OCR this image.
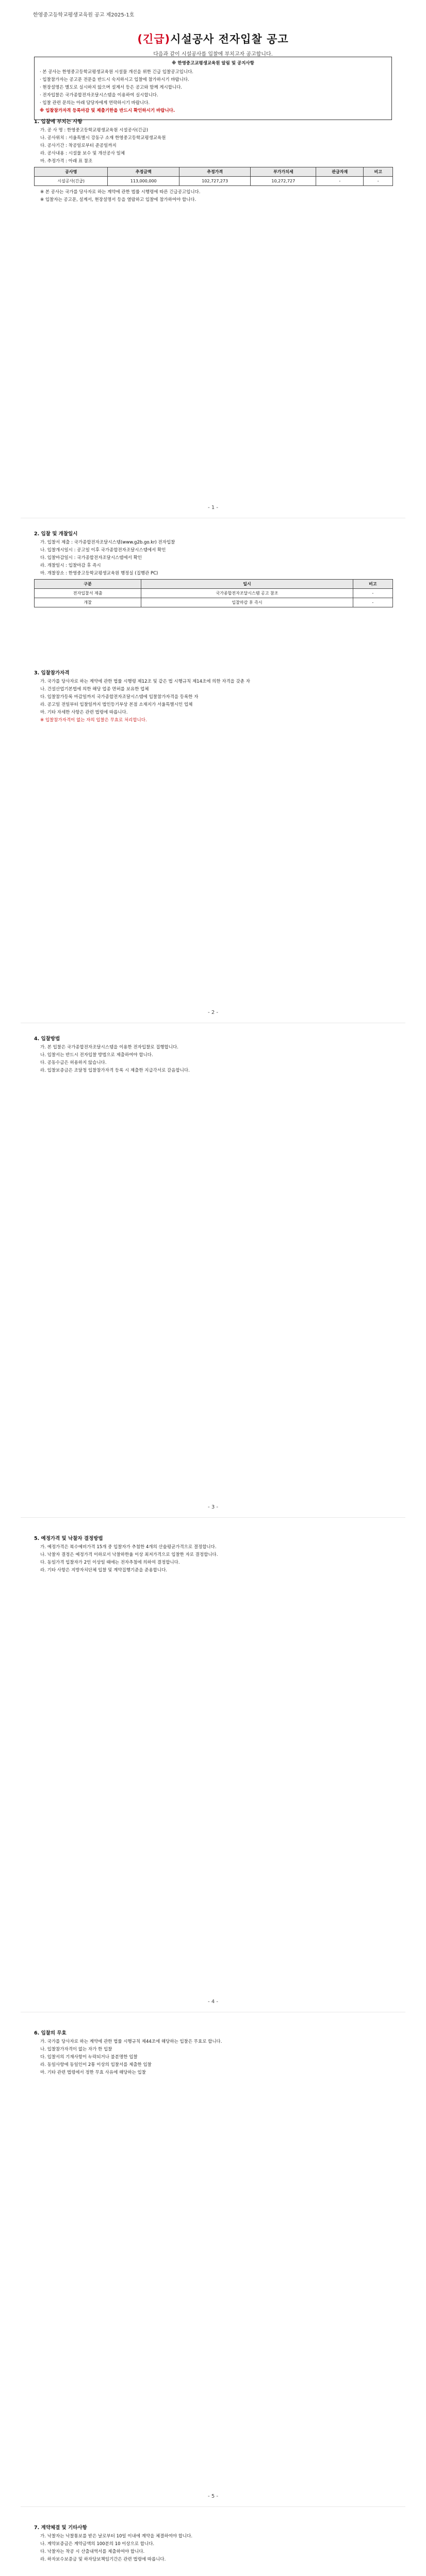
한영중고등학교평생교육원 공고 제2025-1호
(긴급)시설공사 전자입찰 공고
다음과 같이 시설공사를 입찰에 부치고자 공고합니다.
※ 한영중고교평생교육원 알림 및 공지사항

· 본 공사는 한영중고등학교평생교육원 시설물 개선을 위한 긴급 입찰공고입니다.

· 입찰참가자는 공고문 전문을 반드시 숙지하시고 입찰에 참가하시기 바랍니다.

· 현장설명은 별도로 실시하지 않으며 설계서 등은 공고와 함께 게시합니다.

· 전자입찰은 국가종합전자조달시스템을 이용하여 실시합니다.

· 입찰 관련 문의는 아래 담당자에게 연락하시기 바랍니다.

※ 입찰참가자격 등록마감 및 제출기한을 반드시 확인하시기 바랍니다.

1. 입찰에 부치는 사항
가. 공 사 명 : 한영중고등학교평생교육원 시설공사(긴급)
나. 공사위치 : 서울특별시 강동구 소재 한영중고등학교평생교육원
다. 공사기간 : 착공일로부터 준공일까지
라. 공사내용 : 시설물 보수 및 개선공사 일체
마. 추정가격 : 아래 표 참조
공사명	추정금액	추정가격	부가가치세	관급자재	비고
시설공사(긴급)	113,000,000	102,727,273	10,272,727	-	-
※ 본 공사는 국가를 당사자로 하는 계약에 관한 법률 시행령에 따른 긴급공고입니다.
※ 입찰자는 공고문, 설계서, 현장설명서 등을 열람하고 입찰에 참가하여야 합니다.
- 1 -
2. 입찰 및 개찰일시
가. 입찰서 제출 : 국가종합전자조달시스템(www.g2b.go.kr) 전자입찰
나. 입찰개시일시 : 공고일 이후 국가종합전자조달시스템에서 확인
다. 입찰마감일시 : 국가종합전자조달시스템에서 확인
라. 개찰일시 : 입찰마감 후 즉시
마. 개찰장소 : 한영중고등학교평생교육원 행정실 (집행관 PC)
구분	일시	비고
전자입찰서 제출	국가종합전자조달시스템 공고 참조	-
개찰	입찰마감 후 즉시	-
3. 입찰참가자격
가. 국가를 당사자로 하는 계약에 관한 법률 시행령 제12조 및 같은 법 시행규칙 제14조에 의한 자격을 갖춘 자
나. 건설산업기본법에 의한 해당 업종 면허를 보유한 업체
다. 입찰참가등록 마감일까지 국가종합전자조달시스템에 입찰참가자격을 등록한 자
라. 공고일 전일부터 입찰일까지 법인등기부상 본점 소재지가 서울특별시인 업체
마. 기타 자세한 사항은 관련 법령에 따릅니다.
※ 입찰참가자격이 없는 자의 입찰은 무효로 처리합니다.
- 2 -
4. 입찰방법
가. 본 입찰은 국가종합전자조달시스템을 이용한 전자입찰로 집행합니다.
나. 입찰서는 반드시 전자입찰 방법으로 제출하여야 합니다.
다. 공동수급은 허용하지 않습니다.
라. 입찰보증금은 조달청 입찰참가자격 등록 시 제출한 지급각서로 갈음합니다.
- 3 -
5. 예정가격 및 낙찰자 결정방법
가. 예정가격은 복수예비가격 15개 중 입찰자가 추첨한 4개의 산술평균가격으로 결정합니다.
나. 낙찰자 결정은 예정가격 이하로서 낙찰하한율 이상 최저가격으로 입찰한 자로 결정합니다.
다. 동일가격 입찰자가 2인 이상일 때에는 전자추첨에 의하여 결정합니다.
라. 기타 사항은 지방자치단체 입찰 및 계약집행기준을 준용합니다.
- 4 -
6. 입찰의 무효
가. 국가를 당사자로 하는 계약에 관한 법률 시행규칙 제44조에 해당하는 입찰은 무효로 합니다.
나. 입찰참가자격이 없는 자가 한 입찰
다. 입찰서의 기재사항이 누락되거나 불분명한 입찰
라. 동일사항에 동일인이 2통 이상의 입찰서를 제출한 입찰
마. 기타 관련 법령에서 정한 무효 사유에 해당하는 입찰
- 5 -
7. 계약체결 및 기타사항
가. 낙찰자는 낙찰통보를 받은 날로부터 10일 이내에 계약을 체결하여야 합니다.
나. 계약보증금은 계약금액의 100분의 10 이상으로 합니다.
다. 낙찰자는 착공 시 산출내역서를 제출하여야 합니다.
라. 하자보수보증금 및 하자담보책임기간은 관련 법령에 따릅니다.
